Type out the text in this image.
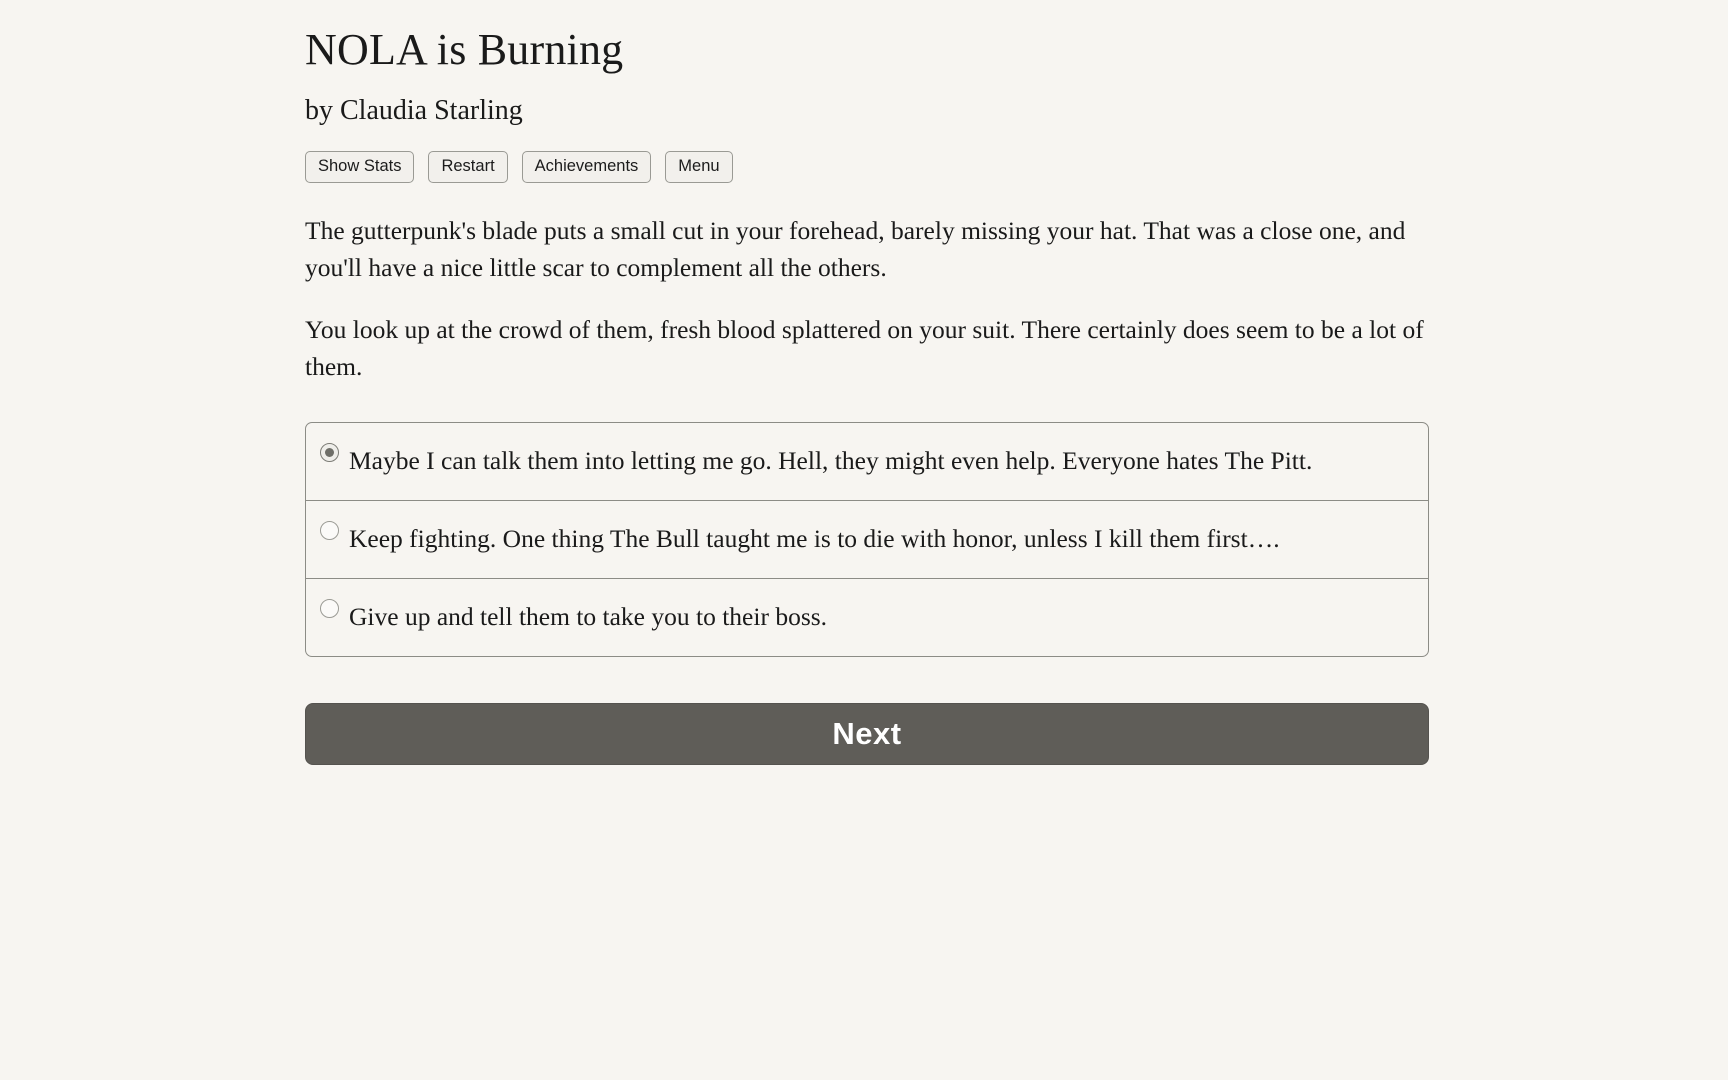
NOLA is Burning
by Claudia Starling
Show Stats	Restart	Achievements	Menu

The gutterpunk's blade puts a small cut in your forehead, barely missing your hat. That was a close one, and you'll have a nice little scar to complement all the others.

You look up at the crowd of them, fresh blood splattered on your suit. There certainly does seem to be a lot of them.

Maybe I can talk them into letting me go. Hell, they might even help. Everyone hates The Pitt.
Keep fighting. One thing The Bull taught me is to die with honor, unless I kill them first….
Give up and tell them to take you to their boss.
Next
